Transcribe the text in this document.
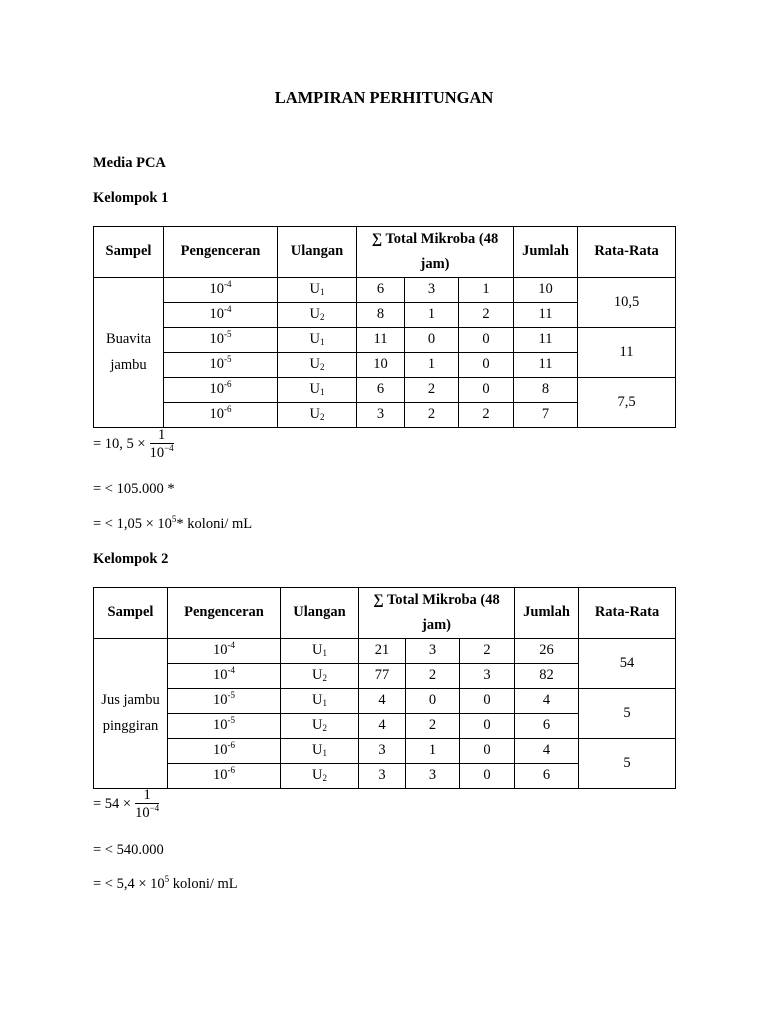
LAMPIRAN PERHITUNGAN
Media PCA
Kelompok 1
Sampel	Pengenceran	Ulangan	∑ Total Mikroba (48 jam)			Jumlah	Rata-Rata
Buavita jambu	$10^{-4}$	$U_1$	6	3	1	10	10,5
	$10^{-4}$	$U_2$	8	1	2	11	
	$10^{-5}$	$U_1$	11	0	0	11	11
	$10^{-5}$	$U_2$	10	1	0	11	
	$10^{-6}$	$U_1$	6	2	0	8	7,5
	$10^{-6}$	$U_2$	3	2	2	7	
= 10, $5 \times \frac{1}{10^{-4}}$
= < 105.000 *
= < $1,05 \times 10^5*$ koloni/ mL
Kelompok 2
Sampel	Pengenceran	Ulangan	∑ Total Mikroba (48 jam)			Jumlah	Rata-Rata
Jus jambu pinggiran	$10^{-4}$	$U_1$	21	3	2	26	54
	$10^{-4}$	$U_2$	77	2	3	82	
	$10^{-5}$	$U_1$	4	0	0	4	5
	$10^{-5}$	$U_2$	4	2	0	6	
	$10^{-6}$	$U_1$	3	1	0	4	5
	$10^{-6}$	$U_2$	3	3	0	6	
= $54 \times \frac{1}{10^{-4}}$
= < 540.000
= < $5,4 \times 10^5$ koloni/ mL
